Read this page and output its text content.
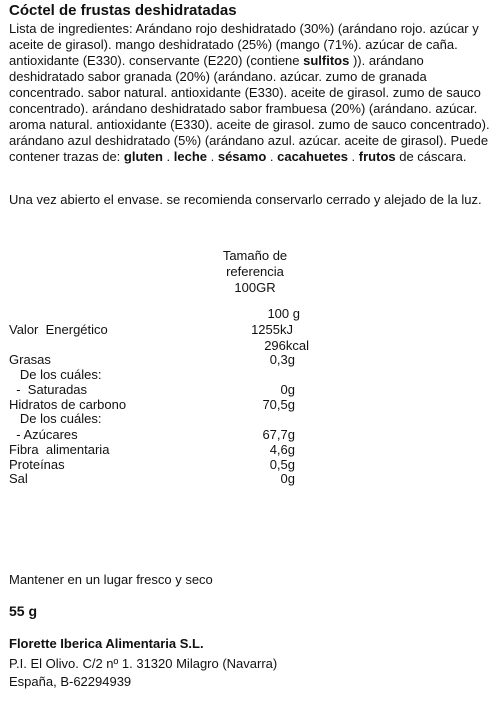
Cóctel de frustas deshidratadas
Lista de ingredientes: Arándano rojo deshidratado (30%) (arándano rojo. azúcar y aceite de girasol). mango deshidratado (25%) (mango (71%). azúcar de caña. antioxidante (E330). conservante (E220) (contiene sulfitos )). arándano deshidratado sabor granada (20%) (arándano. azúcar. zumo de granada concentrado. sabor natural. antioxidante (E330). aceite de girasol. zumo de sauco concentrado). arándano deshidratado sabor frambuesa (20%) (arándano. azúcar. aroma natural. antioxidante (E330). aceite de girasol. zumo de sauco concentrado). arándano azul deshidratado (5%) (arándano azul. azúcar. aceite de girasol). Puede contener trazas de: gluten . leche . sésamo . cacahuetes . frutos de cáscara.
Una vez abierto el envase. se recomienda conservarlo cerrado y alejado de la luz.
Tamaño de referencia
100GR
100 g
Valor  Energético	1255kJ
296kcal
Grasas	0,3g
De los cuáles:
-  Saturadas	0g
Hidratos de carbono	70,5g
De los cuáles:
- Azúcares	67,7g
Fibra  alimentaria	4,6g
Proteínas	0,5g
Sal	0g
Mantener en un lugar fresco y seco
55 g
Florette Iberica Alimentaria S.L.
P.I. El Olivo. C/2 nº 1. 31320 Milagro (Navarra)
España, B-62294939
